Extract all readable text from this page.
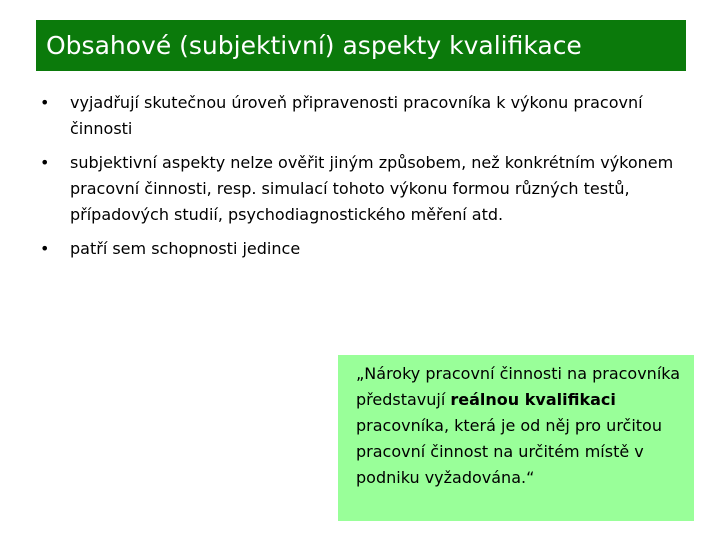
Obsahové (subjektivní) aspekty kvalifikace
•	vyjadřují skutečnou úroveň připravenosti pracovníka k výkonu pracovní činnosti
•	subjektivní aspekty nelze ověřit jiným způsobem, než konkrétním výkonem pracovní činnosti, resp. simulací tohoto výkonu formou různých testů, případových studií, psychodiagnostického měření atd.
•	patří sem schopnosti jedince
„Nároky pracovní činnosti na pracovníka představují reálnou kvalifikaci pracovníka, která je od něj pro určitou pracovní činnost na určitém místě v podniku vyžadována.“
